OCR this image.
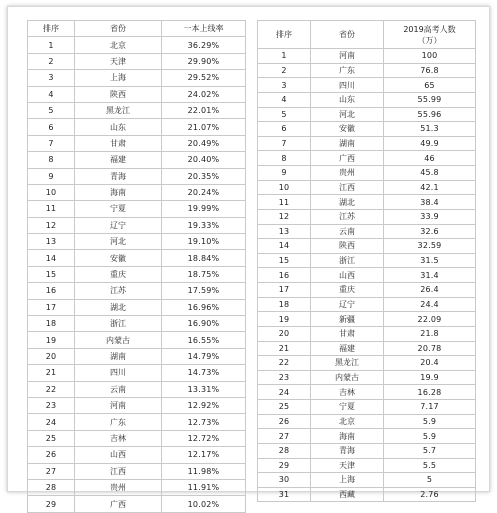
排序	省份	一本上线率
1	北京	36.29%
2	天津	29.90%
3	上海	29.52%
4	陕西	24.02%
5	黑龙江	22.01%
6	山东	21.07%
7	甘肃	20.49%
8	福建	20.40%
9	青海	20.35%
10	海南	20.24%
11	宁夏	19.99%
12	辽宁	19.33%
13	河北	19.10%
14	安徽	18.84%
15	重庆	18.75%
16	江苏	17.59%
17	湖北	16.96%
18	浙江	16.90%
19	内蒙古	16.55%
20	湖南	14.79%
21	四川	14.73%
22	云南	13.31%
23	河南	12.92%
24	广东	12.73%
25	吉林	12.72%
26	山西	12.17%
27	江西	11.98%
28	贵州	11.91%
29	广西	10.02%
排序	省份	2019高考人数
（万）

1	河南	100
2	广东	76.8
3	四川	65
4	山东	55.99
5	河北	55.96
6	安徽	51.3
7	湖南	49.9
8	广西	46
9	贵州	45.8
10	江西	42.1
11	湖北	38.4
12	江苏	33.9
13	云南	32.6
14	陕西	32.59
15	浙江	31.5
16	山西	31.4
17	重庆	26.4
18	辽宁	24.4
19	新疆	22.09
20	甘肃	21.8
21	福建	20.78
22	黑龙江	20.4
23	内蒙古	19.9
24	吉林	16.28
25	宁夏	7.17
26	北京	5.9
27	海南	5.9
28	青海	5.7
29	天津	5.5
30	上海	5
31	西藏	2.76
